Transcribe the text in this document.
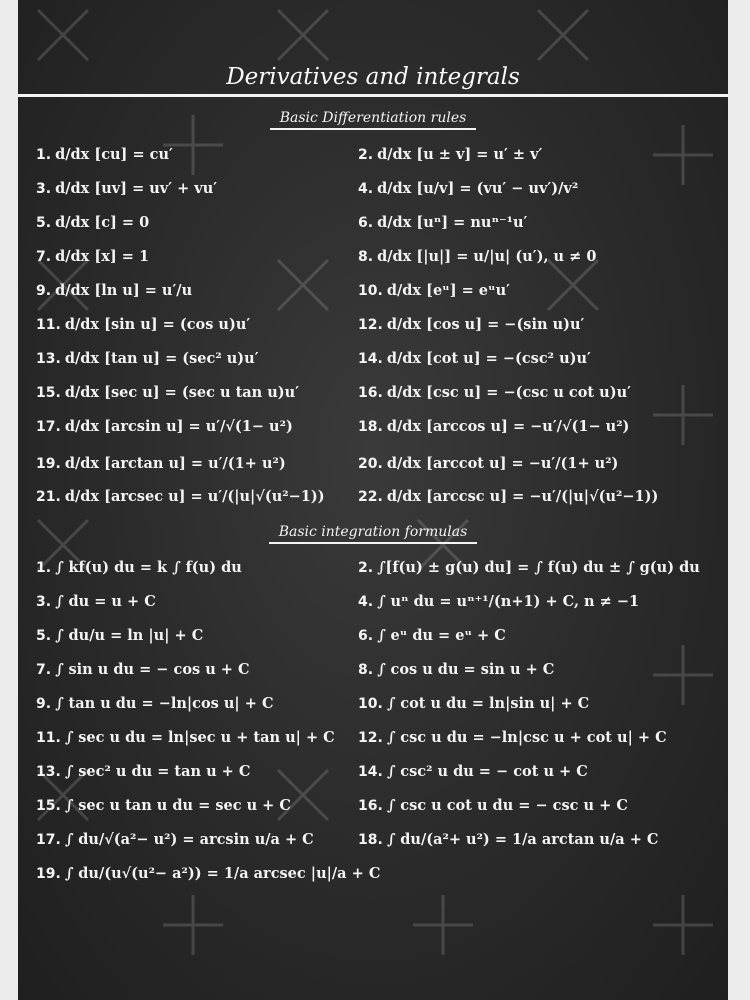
Derivatives and integrals
Basic Differentiation rules
1. d/dx [cu] = cu′	2. d/dx [u ± v] = u′ ± v′
3. d/dx [uv] = uv′ + vu′	4. d/dx [u/v] = (vu′ − uv′)/v²
5. d/dx [c] = 0	6. d/dx [uⁿ] = nuⁿ⁻¹u′
7. d/dx [x] = 1	8. d/dx [|u|] = u/|u| (u′), u ≠ 0
9. d/dx [ln u] = u′/u	10. d/dx [eᵘ] = eᵘu′
11. d/dx [sin u] = (cos u)u′	12. d/dx [cos u] = −(sin u)u′
13. d/dx [tan u] = (sec² u)u′	14. d/dx [cot u] = −(csc² u)u′
15. d/dx [sec u] = (sec u tan u)u′	16. d/dx [csc u] = −(csc u cot u)u′
17. d/dx [arcsin u] = u′/√(1− u²)	18. d/dx [arccos u] = −u′/√(1− u²)
19. d/dx [arctan u] = u′/(1+ u²)	20. d/dx [arccot u] = −u′/(1+ u²)
21. d/dx [arcsec u] = u′/(|u|√(u²−1)) 22. d/dx [arccsc u] = −u′/(|u|√(u²−1))
Basic integration formulas
1. ∫ kf(u) du = k ∫ f(u) du	2. ∫[f(u) ± g(u) du] = ∫ f(u) du ± ∫ g(u) du
3. ∫ du = u + C	4. ∫ uⁿ du = uⁿ⁺¹/(n+1) + C, n ≠ −1
5. ∫ du/u = ln |u| + C	6. ∫ eᵘ du = eᵘ + C
7. ∫ sin u du = − cos u + C	8. ∫ cos u du = sin u + C
9. ∫ tan u du = −ln|cos u| + C	10. ∫ cot u du = ln|sin u| + C
11. ∫ sec u du = ln|sec u + tan u| + C 12. ∫ csc u du = −ln|csc u + cot u| + C
13. ∫ sec² u du = tan u + C	14. ∫ csc² u du = − cot u + C
15. ∫ sec u tan u du = sec u + C	16. ∫ csc u cot u du = − csc u + C
17. ∫ du/√(a²− u²) = arcsin u/a + C	18. ∫ du/(a²+ u²) = 1/a arctan u/a + C
19. ∫ du/(u√(u²− a²)) = 1/a arcsec |u|/a + C
